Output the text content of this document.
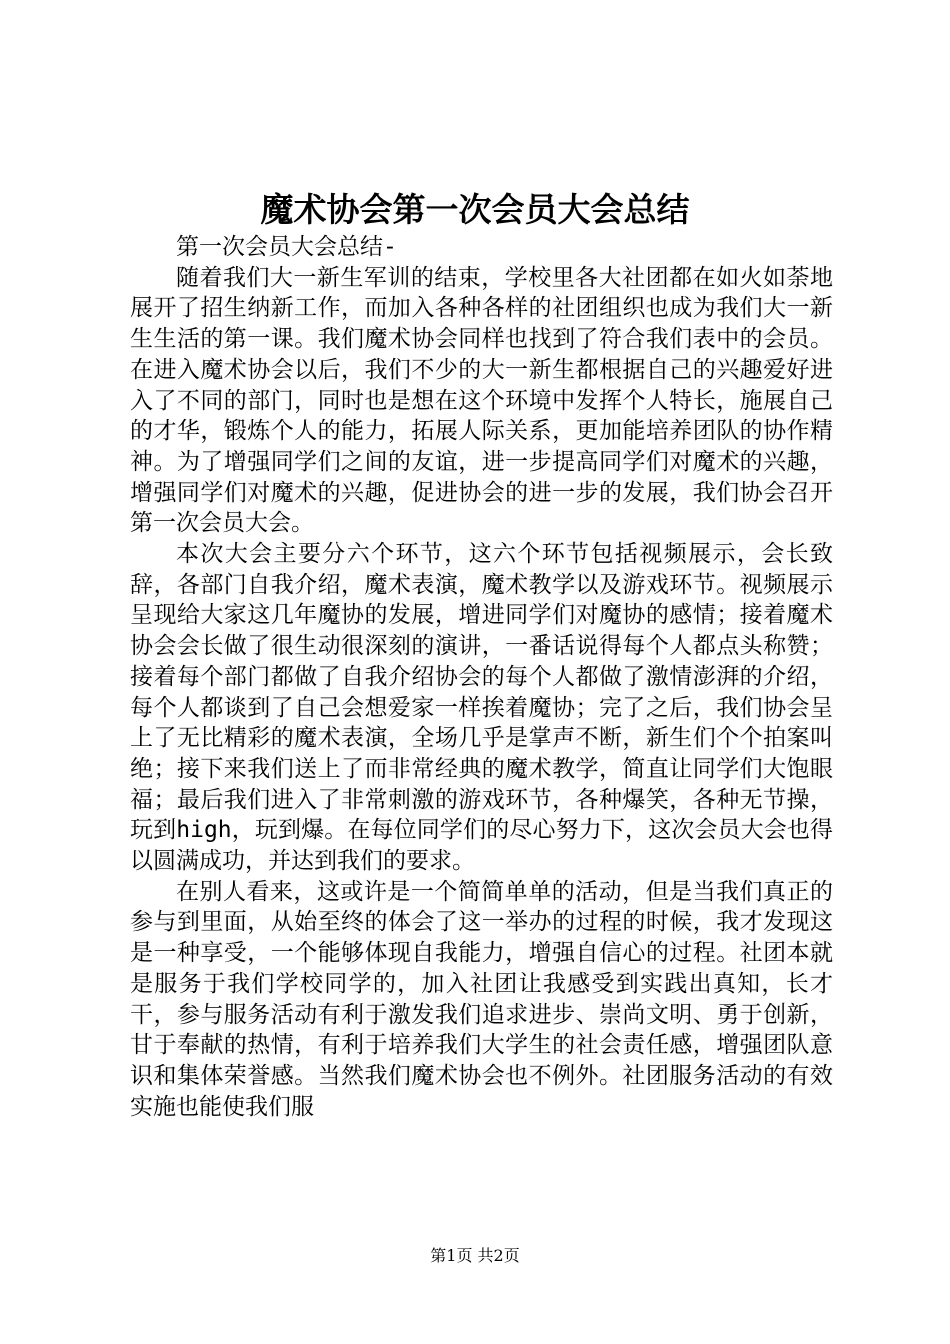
魔术协会第一次会员大会总结

第一次会员大会总结-

随着我们大一新生军训的结束，学校里各大社团都在如火如荼地展开了招生纳新工作，而加入各种各样的社团组织也成为我们大一新生生活的第一课。我们魔术协会同样也找到了符合我们表中的会员。在进入魔术协会以后，我们不少的大一新生都根据自己的兴趣爱好进入了不同的部门，同时也是想在这个环境中发挥个人特长，施展自己的才华，锻炼个人的能力，拓展人际关系，更加能培养团队的协作精神。为了增强同学们之间的友谊，进一步提高同学们对魔术的兴趣，增强同学们对魔术的兴趣，促进协会的进一步的发展，我们协会召开第一次会员大会。

本次大会主要分六个环节，这六个环节包括视频展示，会长致辞，各部门自我介绍，魔术表演，魔术教学以及游戏环节。视频展示呈现给大家这几年魔协的发展，增进同学们对魔协的感情；接着魔术协会会长做了很生动很深刻的演讲，一番话说得每个人都点头称赞；接着每个部门都做了自我介绍协会的每个人都做了激情澎湃的介绍，每个人都谈到了自己会想爱家一样挨着魔协；完了之后，我们协会呈上了无比精彩的魔术表演，全场几乎是掌声不断，新生们个个拍案叫绝；接下来我们送上了而非常经典的魔术教学，简直让同学们大饱眼福；最后我们进入了非常刺激的游戏环节，各种爆笑，各种无节操，玩到high，玩到爆。在每位同学们的尽心努力下，这次会员大会也得以圆满成功，并达到我们的要求。

在别人看来，这或许是一个简简单单的活动，但是当我们真正的参与到里面，从始至终的体会了这一举办的过程的时候，我才发现这是一种享受，一个能够体现自我能力，增强自信心的过程。社团本就是服务于我们学校同学的，加入社团让我感受到实践出真知，长才干，参与服务活动有利于激发我们追求进步、崇尚文明、勇于创新，甘于奉献的热情，有利于培养我们大学生的社会责任感，增强团队意识和集体荣誉感。当然我们魔术协会也不例外。社团服务活动的有效实施也能使我们服

第1页 共2页
